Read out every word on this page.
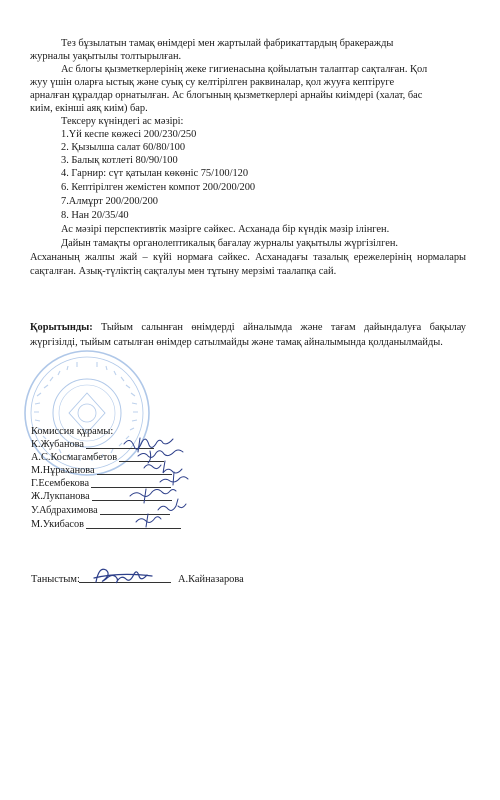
Тез бұзылатын тамақ өнімдері мен жартылай фабрикаттардың бракеражды

журналы уақытылы толтырылған.

Ас блогы қызметкерлерінің жеке гигиенасына қойылатын талаптар сақталған. Қол

жуу үшін оларға ыстық және суық су келтірілген раквиналар, қол жууға кептіруге

арналған құралдар орнатылған. Ас блогының қызметкерлері арнайы киімдері (халат, бас

киім, екінші аяқ киім) бар.

Тексеру күніндегі ас мәзірі:

1.Үй кеспе көжесі 200/230/250

2. Қызылша салат 60/80/100

3. Балық котлеті 80/90/100

4. Гарнир: сүт қатылан көкөніс 75/100/120

6. Кептірілген жемістен компот 200/200/200

7.Алмұрт 200/200/200

8. Нан 20/35/40

Ас мәзірі перспективтік мәзірге сәйкес. Асханада бір күндік мәзір ілінген.

Дайын тамақты органолептикалық бағалау журналы уақытылы жүргізілген.

Асхананың жалпы жай – күйі нормаға сәйкес. Асханадағы тазалық ережелерінің нормалары сақталған. Азық-түліктің сақталуы мен тұтыну мерзімі таалапқа сай.

Қорытынды: Тыйым салынған өнімдерді айналымда және тағам дайындалуға бақылау жүргізілді, тыйым сатылған өнімдер сатылмайды және тамақ айналымында қолданылмайды.

Комиссия құрамы:

К.Жубанова
А.С.Космагамбетов
М.Нұраханова
Г.Есембекова
Ж.Лукпанова
У.Абдрахимова
М.Укибасов

Таныстым:	А.Кайназарова
